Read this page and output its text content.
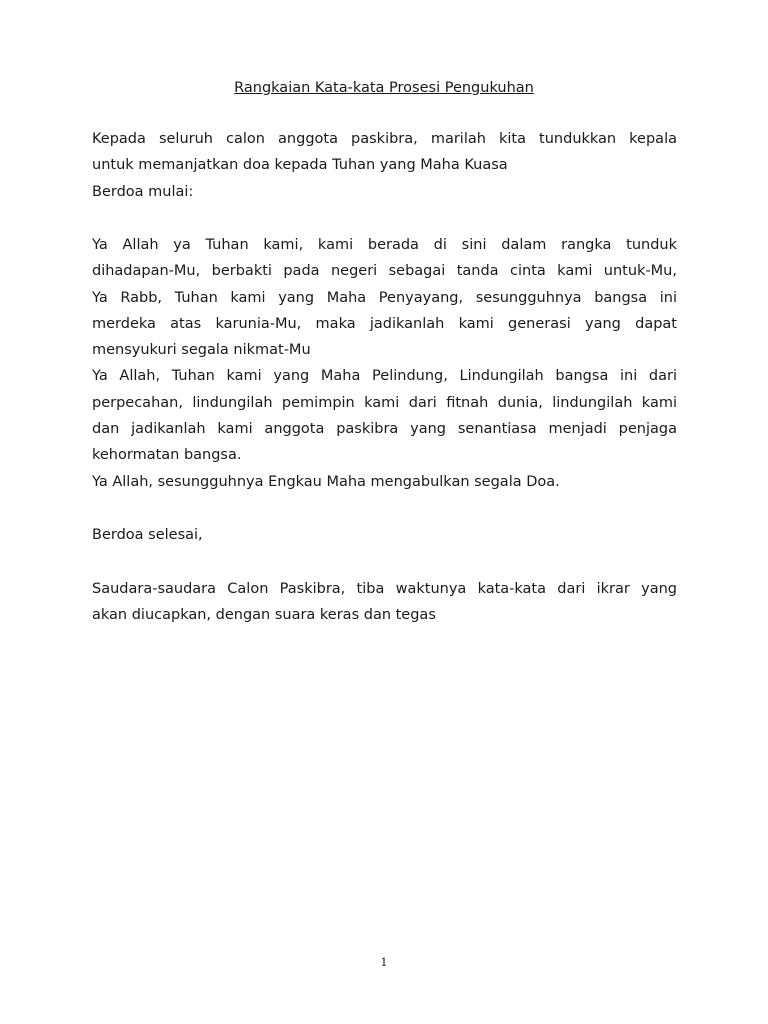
Rangkaian Kata-kata Prosesi Pengukuhan
Kepada seluruh calon anggota paskibra, marilah kita tundukkan kepala
untuk memanjatkan doa kepada Tuhan yang Maha Kuasa
Berdoa mulai:
Ya Allah ya Tuhan kami, kami berada di sini dalam rangka tunduk
dihadapan-Mu, berbakti pada negeri sebagai tanda cinta kami untuk-Mu,
Ya Rabb, Tuhan kami yang Maha Penyayang, sesungguhnya bangsa ini
merdeka atas karunia-Mu, maka jadikanlah kami generasi yang dapat
mensyukuri segala nikmat-Mu
Ya Allah, Tuhan kami yang Maha Pelindung, Lindungilah bangsa ini dari
perpecahan, lindungilah pemimpin kami dari fitnah dunia, lindungilah kami
dan jadikanlah kami anggota paskibra yang senantiasa menjadi penjaga
kehormatan bangsa.
Ya Allah, sesungguhnya Engkau Maha mengabulkan segala Doa.
Berdoa selesai,
Saudara-saudara Calon Paskibra, tiba waktunya kata-kata dari ikrar yang
akan diucapkan, dengan suara keras dan tegas
1
